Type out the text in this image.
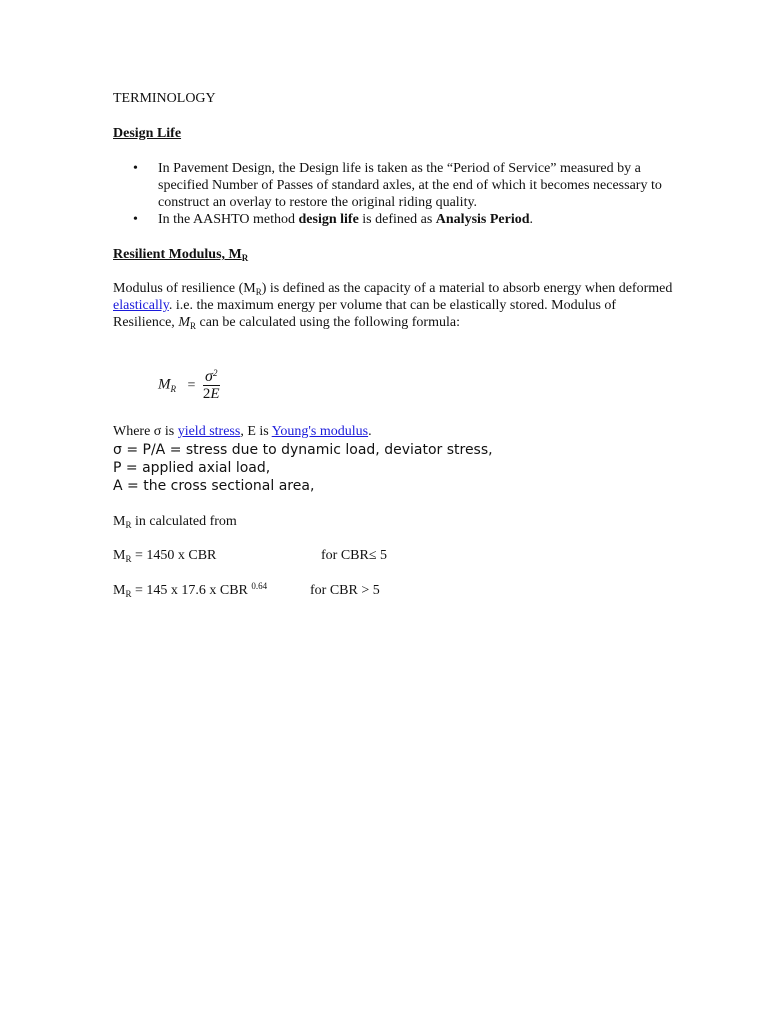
TERMINOLOGY

Design Life

• In Pavement Design, the Design life is taken as the “Period of Service” measured by a specified Number of Passes of standard axles, at the end of which it becomes necessary to construct an overlay to restore the original riding quality.
• In the AASHTO method design life is defined as Analysis Period.

Resilient Modulus, $M_R$

Modulus of resilience $(M_R)$ is defined as the capacity of a material to absorb energy when deformed elastically. i.e. the maximum energy per volume that can be elastically stored. Modulus of Resilience, $M_R$ can be calculated using the following formula:

$M_R = \frac{\sigma^2}{2E}$

Where σ is yield stress, E is Young's modulus.

σ = P/A = stress due to dynamic load, deviator stress,
P = applied axial load,
A = the cross sectional area,

$M_R$ in calculated from

$M_R = 1450$ x CBR	for CBR≤ 5

$M_R = 145$ x 17.6 x CBR $^{0.64}$	for CBR > 5
